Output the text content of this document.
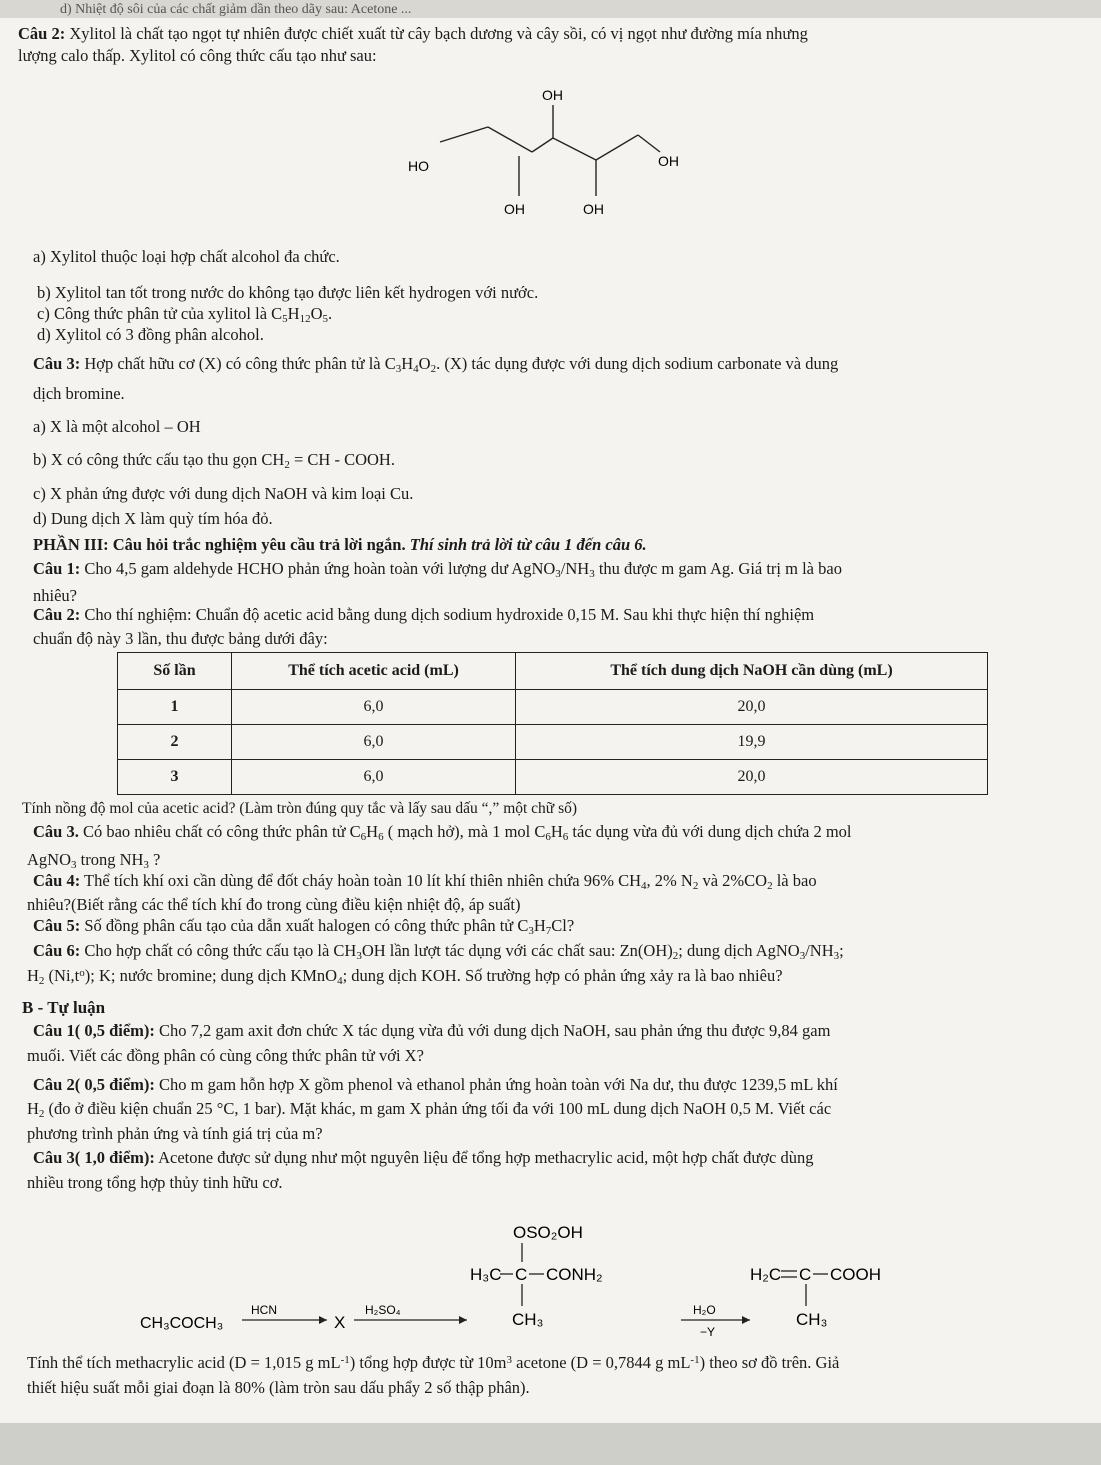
d) Nhiệt độ sôi của các chất giảm dần theo dãy sau: Acetone ...
Câu 2: Xylitol là chất tạo ngọt tự nhiên được chiết xuất từ cây bạch dương và cây sồi, có vị ngọt như đường mía nhưng
lượng calo thấp. Xylitol có công thức cấu tạo như sau:
OH
HO	OH
OH	OH
a) Xylitol thuộc loại hợp chất alcohol đa chức.
b) Xylitol tan tốt trong nước do không tạo được liên kết hydrogen với nước.
c) Công thức phân tử của xylitol là $C_5H_{12}O_5$.
d) Xylitol có 3 đồng phân alcohol.
Câu 3: Hợp chất hữu cơ (X) có công thức phân tử là $C_3H_4O_2$. (X) tác dụng được với dung dịch sodium carbonate và dung
dịch bromine.
a) X là một alcohol – OH
b) X có công thức cấu tạo thu gọn $CH_2$ = CH - COOH.
c) X phản ứng được với dung dịch NaOH và kim loại Cu.
d) Dung dịch X làm quỳ tím hóa đỏ.
PHẦN III: Câu hỏi trắc nghiệm yêu cầu trả lời ngắn. Thí sinh trả lời từ câu 1 đến câu 6.
Câu 1: Cho 4,5 gam aldehyde HCHO phản ứng hoàn toàn với lượng dư $AgNO_3/NH_3$ thu được m gam Ag. Giá trị m là bao
nhiêu?
Câu 2: Cho thí nghiệm: Chuẩn độ acetic acid bằng dung dịch sodium hydroxide 0,15 M. Sau khi thực hiện thí nghiệm
chuẩn độ này 3 lần, thu được bảng dưới đây:
Số lần	Thể tích acetic acid (mL)	Thể tích dung dịch NaOH cần dùng (mL)
1	6,0	20,0
2	6,0	19,9
3	6,0	20,0
Tính nồng độ mol của acetic acid? (Làm tròn đúng quy tắc và lấy sau dấu “,” một chữ số)
Câu 3. Có bao nhiêu chất có công thức phân tử $C_6H_6$ ( mạch hở), mà 1 mol $C_6H_6$ tác dụng vừa đủ với dung dịch chứa 2 mol
AgNO$_3$ trong $NH_3$ ?
Câu 4: Thể tích khí oxi cần dùng để đốt cháy hoàn toàn 10 lít khí thiên nhiên chứa 96% $CH_4$, 2% $N_2$ và $2\%CO_2$ là bao
nhiêu?(Biết rằng các thể tích khí đo trong cùng điều kiện nhiệt độ, áp suất)
Câu 5: Số đồng phân cấu tạo của dẫn xuất halogen có công thức phân tử $C_3H_7Cl$?
Câu 6: Cho hợp chất có công thức cấu tạo là $CH_3OH$ lần lượt tác dụng với các chất sau: $Zn(OH)_2$; dung dịch $AgNO_3/NH_3$;
$H_2$ $(Ni,t^o)$; K; nước bromine; dung dịch KMnO$_4$; dung dịch KOH. Số trường hợp có phản ứng xảy ra là bao nhiêu?
B - Tự luận
Câu 1( 0,5 điểm): Cho 7,2 gam axit đơn chức X tác dụng vừa đủ với dung dịch NaOH, sau phản ứng thu được 9,84 gam
muối. Viết các đồng phân có cùng công thức phân tử với X?
Câu 2( 0,5 điểm): Cho m gam hỗn hợp X gồm phenol và ethanol phản ứng hoàn toàn với Na dư, thu được 1239,5 mL khí
$H_2$ (đo ở điều kiện chuẩn 25 °C, 1 bar). Mặt khác, m gam X phản ứng tối đa với 100 mL dung dịch NaOH 0,5 M. Viết các
phương trình phản ứng và tính giá trị của m?
Câu 3( 1,0 điểm): Acetone được sử dụng như một nguyên liệu để tổng hợp methacrylic acid, một hợp chất được dùng
nhiều trong tổng hợp thủy tinh hữu cơ.
CH₃COCH₃
HCN
X
H₂SO₄
OSO₂OH
H₃C C CONH₂
CH₃	H₂O
−Y
H₂C C COOH
CH₃
Tính thể tích methacrylic acid (D = 1,015 g $mL^{-1}$) tổng hợp được từ $10m^3$ acetone (D = 0,7844 g $mL^{-1}$) theo sơ đồ trên. Giả
thiết hiệu suất mỗi giai đoạn là 80% (làm tròn sau dấu phẩy 2 số thập phân).
